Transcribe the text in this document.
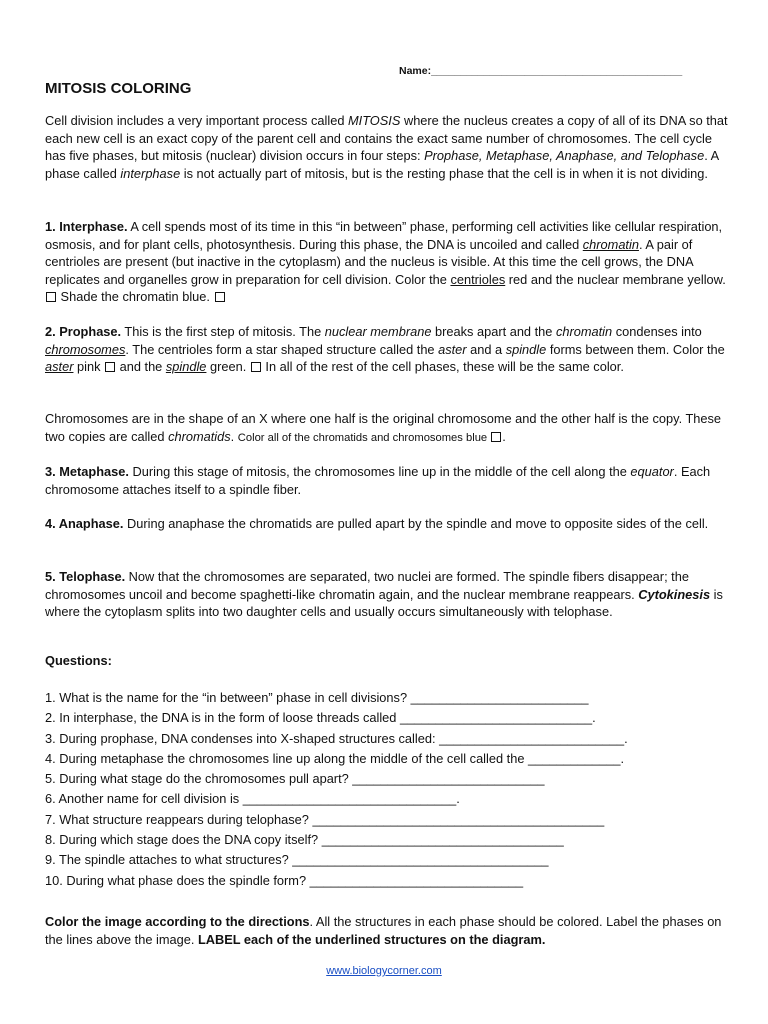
Name:___________________________________________
MITOSIS COLORING
Cell division includes a very important process called MITOSIS where the nucleus creates a copy of all of its DNA so that each new cell is an exact copy of the parent cell and contains the exact same number of chromosomes. The cell cycle has five phases, but mitosis (nuclear) division occurs in four steps: Prophase, Metaphase, Anaphase, and Telophase. A phase called interphase is not actually part of mitosis, but is the resting phase that the cell is in when it is not dividing.
1. Interphase. A cell spends most of its time in this “in between” phase, performing cell activities like cellular respiration, osmosis, and for plant cells, photosynthesis. During this phase, the DNA is uncoiled and called chromatin. A pair of centrioles are present (but inactive in the cytoplasm) and the nucleus is visible. At this time the cell grows, the DNA replicates and organelles grow in preparation for cell division. Color the centrioles red and the nuclear membrane yellow.  Shade the chromatin blue.
2. Prophase. This is the first step of mitosis. The nuclear membrane breaks apart and the chromatin condenses into chromosomes. The centrioles form a star shaped structure called the aster and a spindle forms between them. Color the aster pink  and the spindle green.  In all of the rest of the cell phases, these will be the same color.
Chromosomes are in the shape of an X where one half is the original chromosome and the other half is the copy. These two copies are called chromatids. Color all of the chromatids and chromosomes blue .
3. Metaphase. During this stage of mitosis, the chromosomes line up in the middle of the cell along the equator. Each chromosome attaches itself to a spindle fiber.
4. Anaphase. During anaphase the chromatids are pulled apart by the spindle and move to opposite sides of the cell.
5. Telophase. Now that the chromosomes are separated, two nuclei are formed. The spindle fibers disappear; the chromosomes uncoil and become spaghetti-like chromatin again, and the nuclear membrane reappears. Cytokinesis is where the cytoplasm splits into two daughter cells and usually occurs simultaneously with telophase.
Questions:
1. What is the name for the “in between” phase in cell divisions? _________________________
2. In interphase, the DNA is in the form of loose threads called ___________________________.
3. During prophase, DNA condenses into X-shaped structures called: __________________________.
4. During metaphase the chromosomes line up along the middle of the cell called the _____________.
5. During what stage do the chromosomes pull apart? ___________________________
6. Another name for cell division is ______________________________.
7. What structure reappears during telophase? _________________________________________
8. During which stage does the DNA copy itself? __________________________________
9. The spindle attaches to what structures? ____________________________________
10. During what phase does the spindle form? ______________________________
Color the image according to the directions. All the structures in each phase should be colored. Label the phases on the lines above the image. LABEL each of the underlined structures on the diagram.
www.biologycorner.com
